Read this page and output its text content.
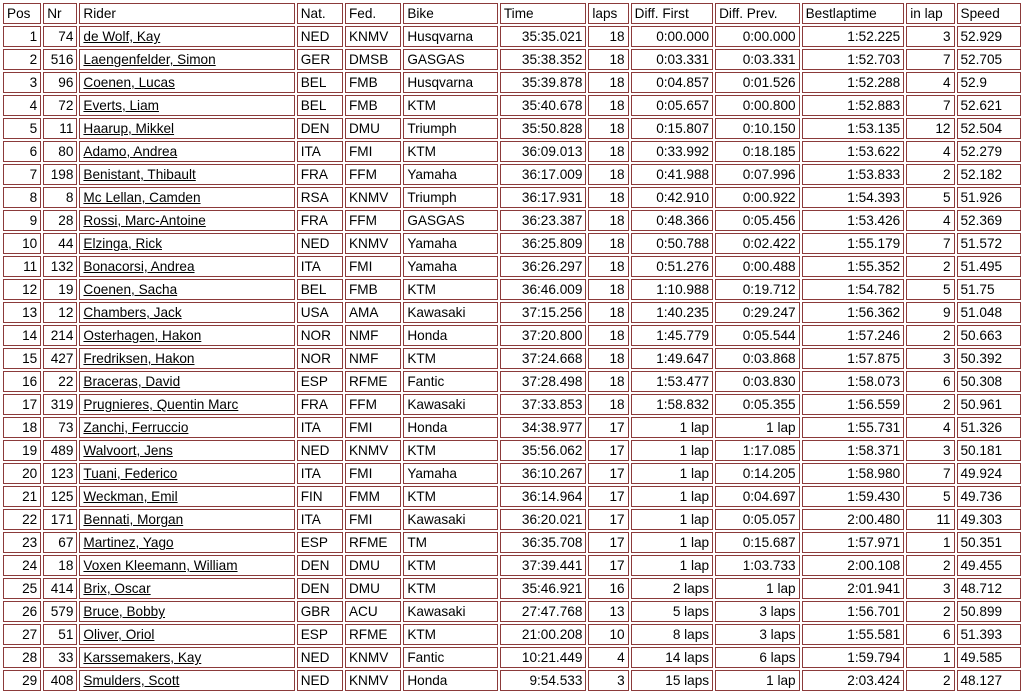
Pos	Nr	Rider	Nat.	Fed.	Bike	Time	laps	Diff. First	Diff. Prev.	Bestlaptime	in lap	Speed
1	74	de Wolf, Kay	NED	KNMV	Husqvarna	35:35.021	18	0:00.000	0:00.000	1:52.225	3	52.929
2	516	Laengenfelder, Simon	GER	DMSB	GASGAS	35:38.352	18	0:03.331	0:03.331	1:52.703	7	52.705
3	96	Coenen, Lucas	BEL	FMB	Husqvarna	35:39.878	18	0:04.857	0:01.526	1:52.288	4	52.9
4	72	Everts, Liam	BEL	FMB	KTM	35:40.678	18	0:05.657	0:00.800	1:52.883	7	52.621
5	11	Haarup, Mikkel	DEN	DMU	Triumph	35:50.828	18	0:15.807	0:10.150	1:53.135	12	52.504
6	80	Adamo, Andrea	ITA	FMI	KTM	36:09.013	18	0:33.992	0:18.185	1:53.622	4	52.279
7	198	Benistant, Thibault	FRA	FFM	Yamaha	36:17.009	18	0:41.988	0:07.996	1:53.833	2	52.182
8	8	Mc Lellan, Camden	RSA	KNMV	Triumph	36:17.931	18	0:42.910	0:00.922	1:54.393	5	51.926
9	28	Rossi, Marc-Antoine	FRA	FFM	GASGAS	36:23.387	18	0:48.366	0:05.456	1:53.426	4	52.369
10	44	Elzinga, Rick	NED	KNMV	Yamaha	36:25.809	18	0:50.788	0:02.422	1:55.179	7	51.572
11	132	Bonacorsi, Andrea	ITA	FMI	Yamaha	36:26.297	18	0:51.276	0:00.488	1:55.352	2	51.495
12	19	Coenen, Sacha	BEL	FMB	KTM	36:46.009	18	1:10.988	0:19.712	1:54.782	5	51.75
13	12	Chambers, Jack	USA	AMA	Kawasaki	37:15.256	18	1:40.235	0:29.247	1:56.362	9	51.048
14	214	Osterhagen, Hakon	NOR	NMF	Honda	37:20.800	18	1:45.779	0:05.544	1:57.246	2	50.663
15	427	Fredriksen, Hakon	NOR	NMF	KTM	37:24.668	18	1:49.647	0:03.868	1:57.875	3	50.392
16	22	Braceras, David	ESP	RFME	Fantic	37:28.498	18	1:53.477	0:03.830	1:58.073	6	50.308
17	319	Prugnieres, Quentin Marc	FRA	FFM	Kawasaki	37:33.853	18	1:58.832	0:05.355	1:56.559	2	50.961
18	73	Zanchi, Ferruccio	ITA	FMI	Honda	34:38.977	17	1 lap	1 lap	1:55.731	4	51.326
19	489	Walvoort, Jens	NED	KNMV	KTM	35:56.062	17	1 lap	1:17.085	1:58.371	3	50.181
20	123	Tuani, Federico	ITA	FMI	Yamaha	36:10.267	17	1 lap	0:14.205	1:58.980	7	49.924
21	125	Weckman, Emil	FIN	FMM	KTM	36:14.964	17	1 lap	0:04.697	1:59.430	5	49.736
22	171	Bennati, Morgan	ITA	FMI	Kawasaki	36:20.021	17	1 lap	0:05.057	2:00.480	11	49.303
23	67	Martinez, Yago	ESP	RFME	TM	36:35.708	17	1 lap	0:15.687	1:57.971	1	50.351
24	18	Voxen Kleemann, William	DEN	DMU	KTM	37:39.441	17	1 lap	1:03.733	2:00.108	2	49.455
25	414	Brix, Oscar	DEN	DMU	KTM	35:46.921	16	2 laps	1 lap	2:01.941	3	48.712
26	579	Bruce, Bobby	GBR	ACU	Kawasaki	27:47.768	13	5 laps	3 laps	1:56.701	2	50.899
27	51	Oliver, Oriol	ESP	RFME	KTM	21:00.208	10	8 laps	3 laps	1:55.581	6	51.393
28	33	Karssemakers, Kay	NED	KNMV	Fantic	10:21.449	4	14 laps	6 laps	1:59.794	1	49.585
29	408	Smulders, Scott	NED	KNMV	Honda	9:54.533	3	15 laps	1 lap	2:03.424	2	48.127
